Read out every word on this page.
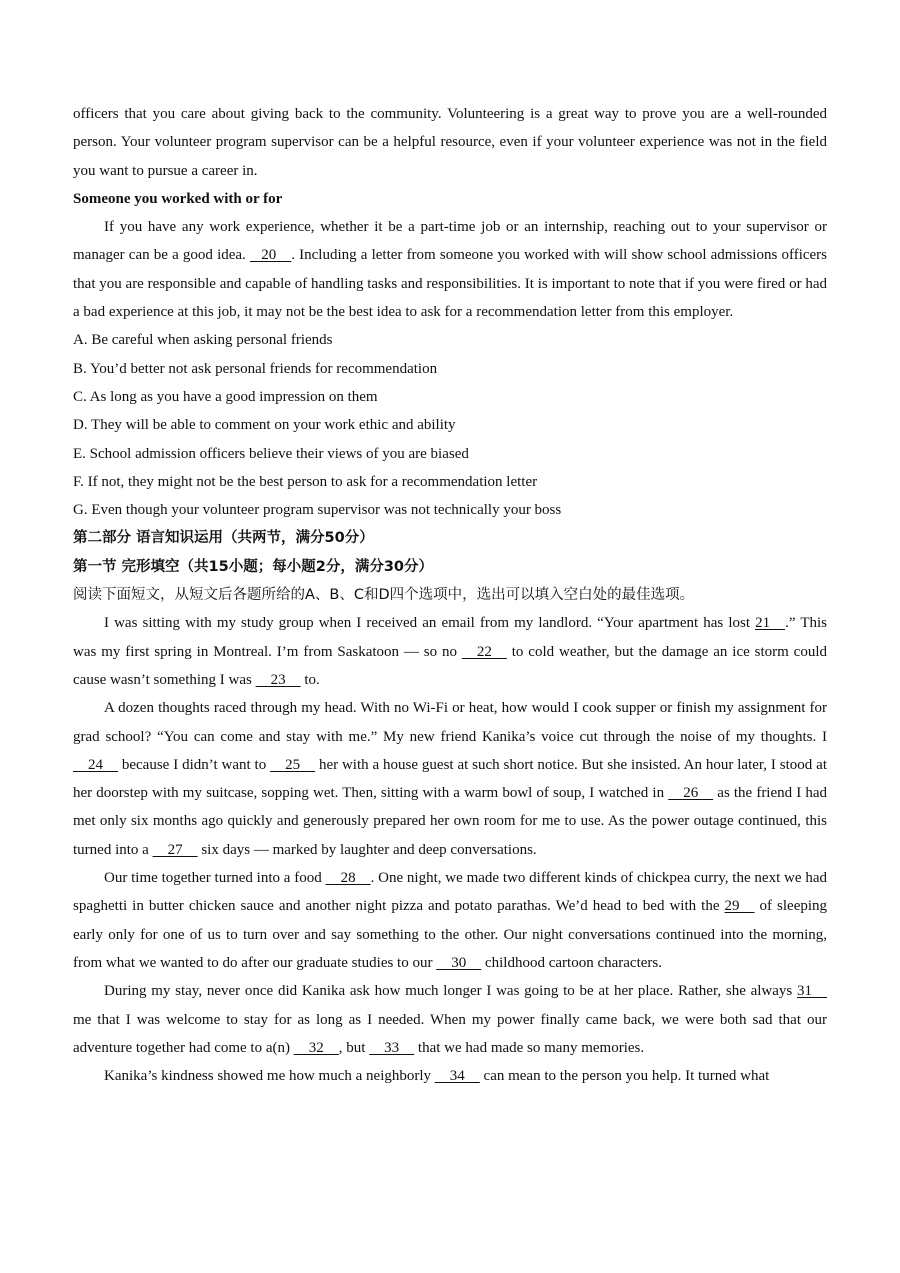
officers that you care about giving back to the community. Volunteering is a great way to prove you are a well-rounded person. Your volunteer program supervisor can be a helpful resource, even if your volunteer experience was not in the field you want to pursue a career in.

Someone you worked with or for

If you have any work experience, whether it be a part-time job or an internship, reaching out to your supervisor or manager can be a good idea.    20    . Including a letter from someone you worked with will show school admissions officers that you are responsible and capable of handling tasks and responsibilities. It is important to note that if you were fired or had a bad experience at this job, it may not be the best idea to ask for a recommendation letter from this employer.

A. Be careful when asking personal friends

B. You’d better not ask personal friends for recommendation

C. As long as you have a good impression on them

D. They will be able to comment on your work ethic and ability

E. School admission officers believe their views of you are biased

F. If not, they might not be the best person to ask for a recommendation letter

G. Even though your volunteer program supervisor was not technically your boss

第二部分 语言知识运用（共两节，满分50分）

第一节 完形填空（共15小题；每小题2分，满分30分）

阅读下面短文，从短文后各题所给的A、B、C和D四个选项中，选出可以填入空白处的最佳选项。

I was sitting with my study group when I received an email from my landlord. “Your apartment has lost 21    .” This was my first spring in Montreal. I’m from Saskatoon — so no     22     to cold weather, but the damage an ice storm could cause wasn’t something I was     23     to.

A dozen thoughts raced through my head. With no Wi-Fi or heat, how would I cook supper or finish my assignment for grad school? “You can come and stay with me.” My new friend Kanika’s voice cut through the noise of my thoughts. I     24     because I didn’t want to     25     her with a house guest at such short notice. But she insisted. An hour later, I stood at her doorstep with my suitcase, sopping wet. Then, sitting with a warm bowl of soup, I watched in     26     as the friend I had met only six months ago quickly and generously prepared her own room for me to use. As the power outage continued, this turned into a     27     six days — marked by laughter and deep conversations.

Our time together turned into a food     28    . One night, we made two different kinds of chickpea curry, the next we had spaghetti in butter chicken sauce and another night pizza and potato parathas. We’d head to bed with the 29     of sleeping early only for one of us to turn over and say something to the other. Our night conversations continued into the morning, from what we wanted to do after our graduate studies to our     30     childhood cartoon characters.

During my stay, never once did Kanika ask how much longer I was going to be at her place. Rather, she always 31     me that I was welcome to stay for as long as I needed. When my power finally came back, we were both sad that our adventure together had come to a(n)     32    , but     33     that we had made so many memories.

Kanika’s kindness showed me how much a neighborly     34     can mean to the person you help. It turned what
